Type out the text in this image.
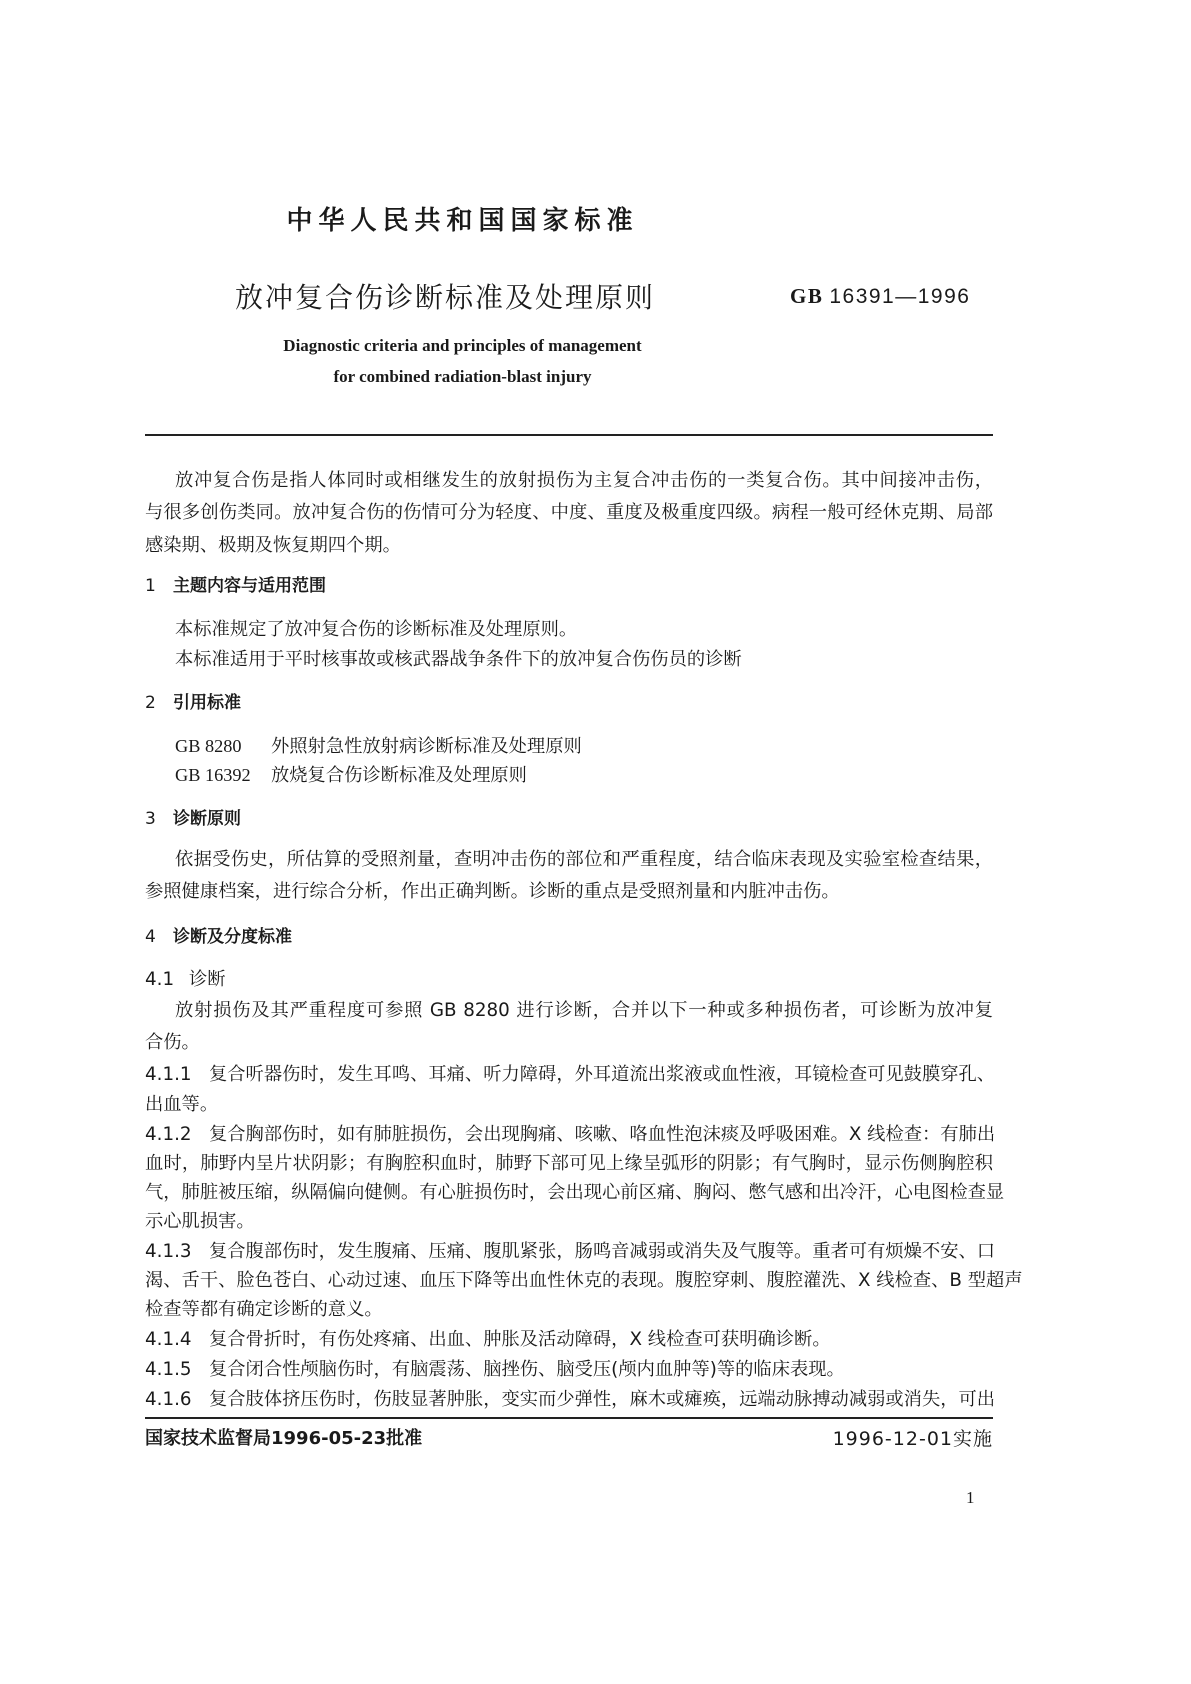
中华人民共和国国家标准
放冲复合伤诊断标准及处理原则	GB 16391—1996
Diagnostic criteria and principles of management
for combined radiation-blast injury
放冲复合伤是指人体同时或相继发生的放射损伤为主复合冲击伤的一类复合伤。其中间接冲击伤，
与很多创伤类同。放冲复合伤的伤情可分为轻度、中度、重度及极重度四级。病程一般可经休克期、局部
感染期、极期及恢复期四个期。
1 主题内容与适用范围
本标准规定了放冲复合伤的诊断标准及处理原则。
本标准适用于平时核事故或核武器战争条件下的放冲复合伤伤员的诊断
2 引用标准
GB 8280 外照射急性放射病诊断标准及处理原则
GB 16392 放烧复合伤诊断标准及处理原则
3 诊断原则
依据受伤史，所估算的受照剂量，查明冲击伤的部位和严重程度，结合临床表现及实验室检查结果，
参照健康档案，进行综合分析，作出正确判断。诊断的重点是受照剂量和内脏冲击伤。
4 诊断及分度标准
4.1 诊断
放射损伤及其严重程度可参照 GB 8280 进行诊断，合并以下一种或多种损伤者，可诊断为放冲复
合伤。
4.1.1 复合听器伤时，发生耳鸣、耳痛、听力障碍，外耳道流出浆液或血性液，耳镜检查可见鼓膜穿孔、
出血等。
4.1.2 复合胸部伤时，如有肺脏损伤，会出现胸痛、咳嗽、咯血性泡沫痰及呼吸困难。X 线检查：有肺出
血时，肺野内呈片状阴影；有胸腔积血时，肺野下部可见上缘呈弧形的阴影；有气胸时，显示伤侧胸腔积
气，肺脏被压缩，纵隔偏向健侧。有心脏损伤时，会出现心前区痛、胸闷、憋气感和出冷汗，心电图检查显
示心肌损害。
4.1.3 复合腹部伤时，发生腹痛、压痛、腹肌紧张，肠鸣音减弱或消失及气腹等。重者可有烦燥不安、口
渴、舌干、脸色苍白、心动过速、血压下降等出血性休克的表现。腹腔穿刺、腹腔灌洗、X 线检查、B 型超声
检查等都有确定诊断的意义。
4.1.4 复合骨折时，有伤处疼痛、出血、肿胀及活动障碍，X 线检查可获明确诊断。
4.1.5 复合闭合性颅脑伤时，有脑震荡、脑挫伤、脑受压(颅内血肿等)等的临床表现。
4.1.6 复合肢体挤压伤时，伤肢显著肿胀，变实而少弹性，麻木或瘫痪，远端动脉搏动减弱或消失，可出
国家技术监督局1996-05-23批准	1996-12-01实施
1
